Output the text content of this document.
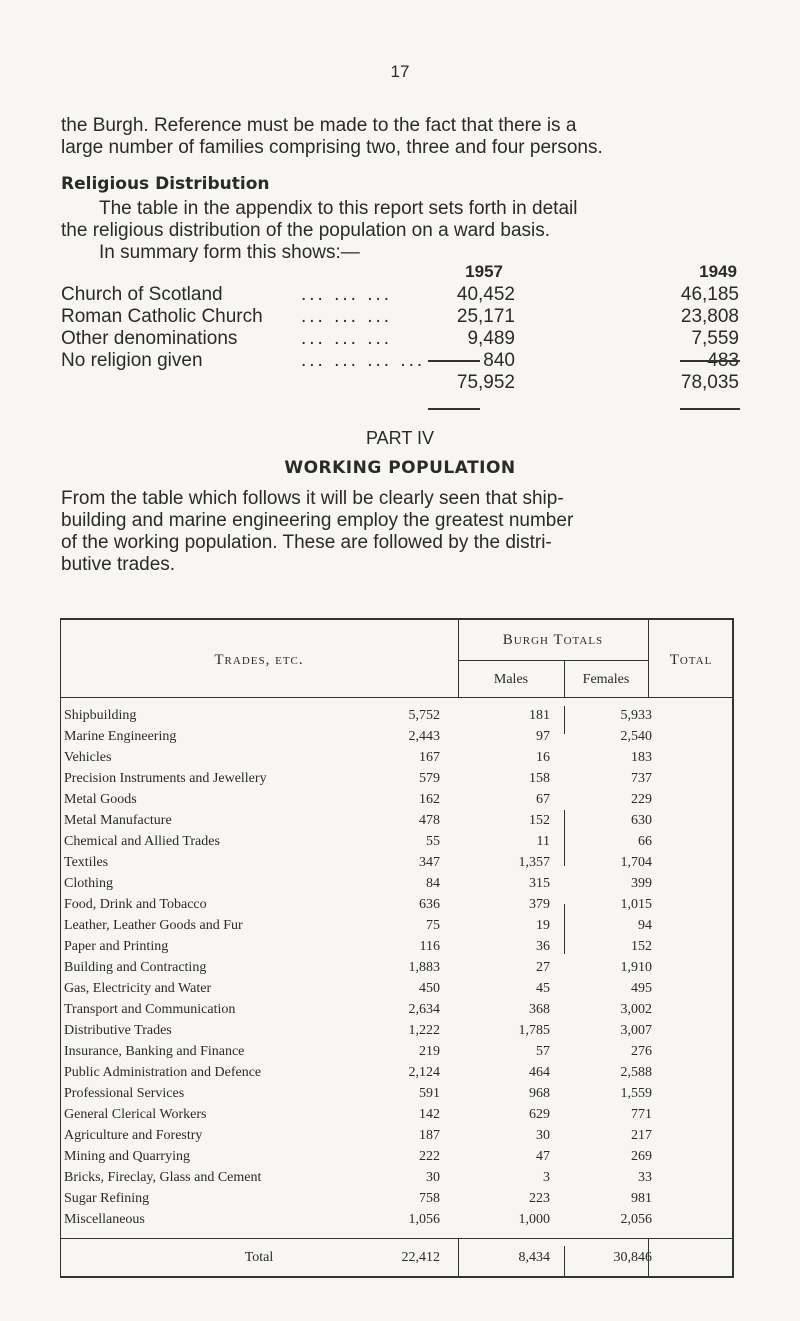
17
the Burgh. Reference must be made to the fact that there is a
large number of families comprising two, three and four persons.
Religious Distribution
The table in the appendix to this report sets forth in detail
the religious distribution of the population on a ward basis.
In summary form this shows:—
1957	1949
Church of Scotland	... ... ...	40,452	46,185
Roman Catholic Church ... ... ...	25,171	23,808
Other denominations	... ... ...	9,489	7,559
No religion given	... ... ... ...	840	483
75,952	78,035
PART IV
WORKING POPULATION
From the table which follows it will be clearly seen that ship-
building and marine engineering employ the greatest number
of the working population. These are followed by the distri-
butive trades.
Trades, etc.
Burgh Totals
Total
Males	Females
Shipbuilding	5,752	181	5,933
Marine Engineering	2,443	97	2,540
Vehicles	167	16	183
Precision Instruments and Jewellery	579	158	737
Metal Goods	162	67	229
Metal Manufacture	478	152	630
Chemical and Allied Trades	55	11	66
Textiles	347	1,357	1,704
Clothing	84	315	399
Food, Drink and Tobacco	636	379	1,015
Leather, Leather Goods and Fur	75	19	94
Paper and Printing	116	36	152
Building and Contracting	1,883	27	1,910
Gas, Electricity and Water	450	45	495
Transport and Communication	2,634	368	3,002
Distributive Trades	1,222	1,785	3,007
Insurance, Banking and Finance	219	57	276
Public Administration and Defence	2,124	464	2,588
Professional Services	591	968	1,559
General Clerical Workers	142	629	771
Agriculture and Forestry	187	30	217
Mining and Quarrying	222	47	269
Bricks, Fireclay, Glass and Cement	30	3	33
Sugar Refining	758	223	981
Miscellaneous	1,056	1,000	2,056
Total	22,412	8,434	30,846
